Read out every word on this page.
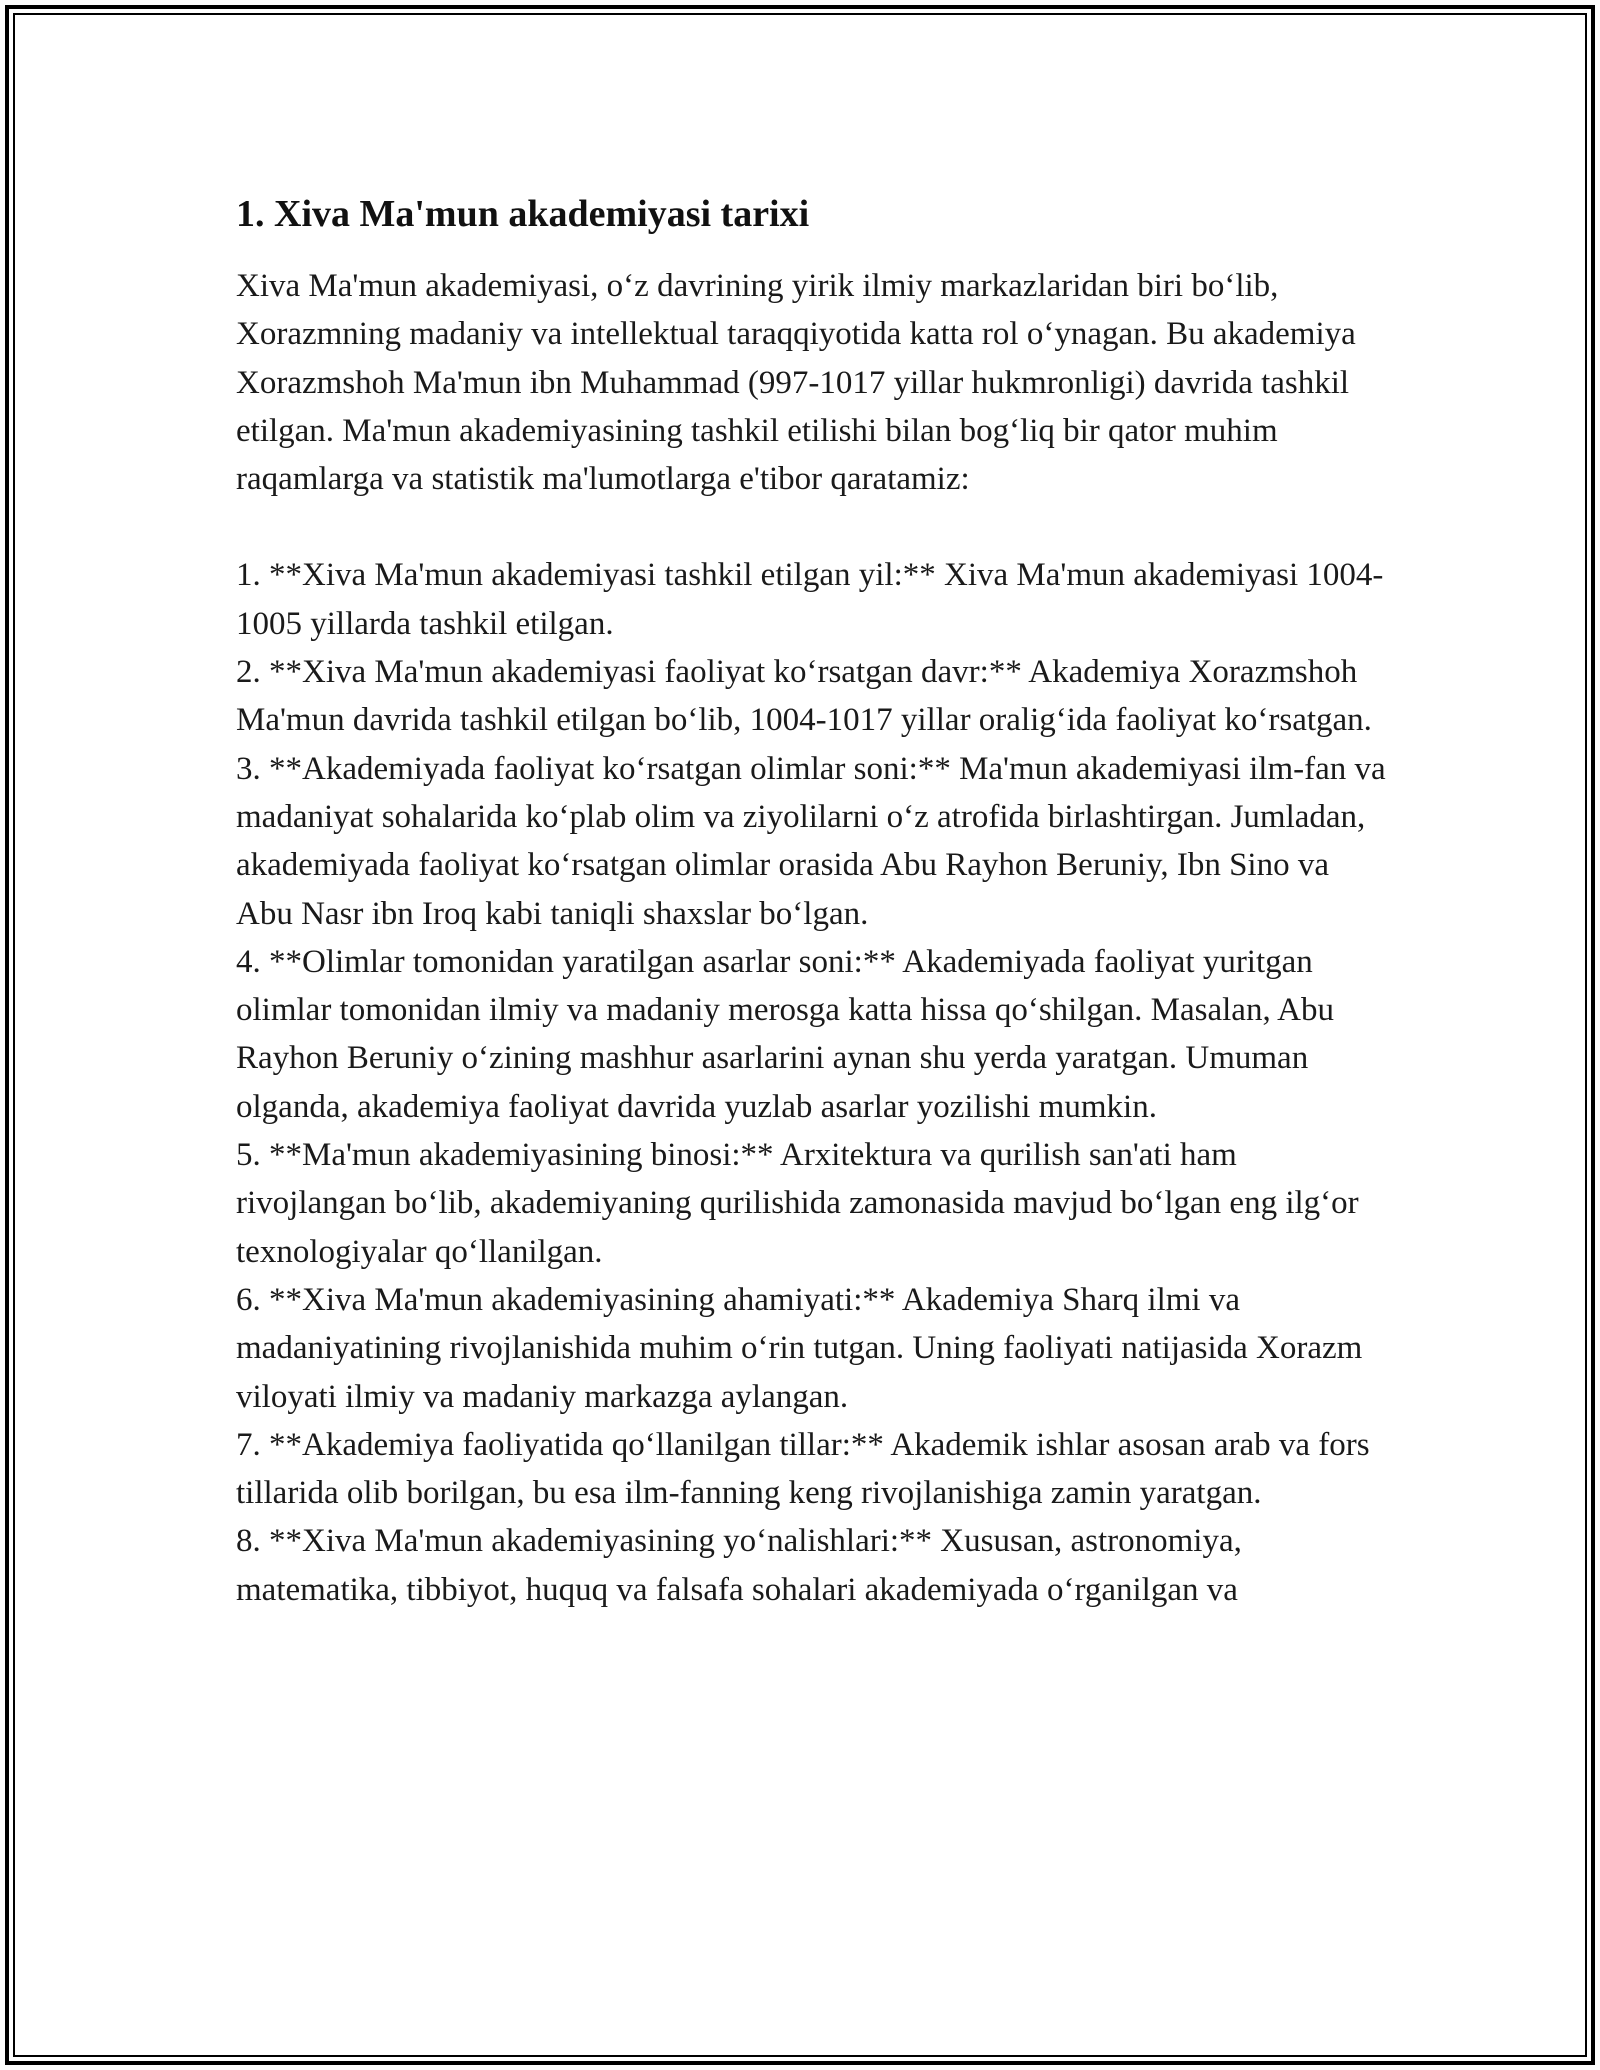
1. Xiva Ma'mun akademiyasi tarixi

Xiva Ma'mun akademiyasi, o‘z davrining yirik ilmiy markazlaridan biri bo‘lib, Xorazmning madaniy va intellektual taraqqiyotida katta rol o‘ynagan. Bu akademiya Xorazmshoh Ma'mun ibn Muhammad (997-1017 yillar hukmronligi) davrida tashkil etilgan. Ma'mun akademiyasining tashkil etilishi bilan bog‘liq bir qator muhim raqamlarga va statistik ma'lumotlarga e'tibor qaratamiz:

1. **Xiva Ma'mun akademiyasi tashkil etilgan yil:** Xiva Ma'mun akademiyasi 1004-1005 yillarda tashkil etilgan.
2. **Xiva Ma'mun akademiyasi faoliyat ko‘rsatgan davr:** Akademiya Xorazmshoh Ma'mun davrida tashkil etilgan bo‘lib, 1004-1017 yillar oralig‘ida faoliyat ko‘rsatgan.
3. **Akademiyada faoliyat ko‘rsatgan olimlar soni:** Ma'mun akademiyasi ilm-fan va madaniyat sohalarida ko‘plab olim va ziyolilarni o‘z atrofida birlashtirgan. Jumladan, akademiyada faoliyat ko‘rsatgan olimlar orasida Abu Rayhon Beruniy, Ibn Sino va Abu Nasr ibn Iroq kabi taniqli shaxslar bo‘lgan.
4. **Olimlar tomonidan yaratilgan asarlar soni:** Akademiyada faoliyat yuritgan olimlar tomonidan ilmiy va madaniy merosga katta hissa qo‘shilgan. Masalan, Abu Rayhon Beruniy o‘zining mashhur asarlarini aynan shu yerda yaratgan. Umuman olganda, akademiya faoliyat davrida yuzlab asarlar yozilishi mumkin.
5. **Ma'mun akademiyasining binosi:** Arxitektura va qurilish san'ati ham rivojlangan bo‘lib, akademiyaning qurilishida zamonasida mavjud bo‘lgan eng ilg‘or texnologiyalar qo‘llanilgan.
6. **Xiva Ma'mun akademiyasining ahamiyati:** Akademiya Sharq ilmi va madaniyatining rivojlanishida muhim o‘rin tutgan. Uning faoliyati natijasida Xorazm viloyati ilmiy va madaniy markazga aylangan.
7. **Akademiya faoliyatida qo‘llanilgan tillar:** Akademik ishlar asosan arab va fors tillarida olib borilgan, bu esa ilm-fanning keng rivojlanishiga zamin yaratgan.
8. **Xiva Ma'mun akademiyasining yo‘nalishlari:** Xususan, astronomiya, matematika, tibbiyot, huquq va falsafa sohalari akademiyada o‘rganilgan va
